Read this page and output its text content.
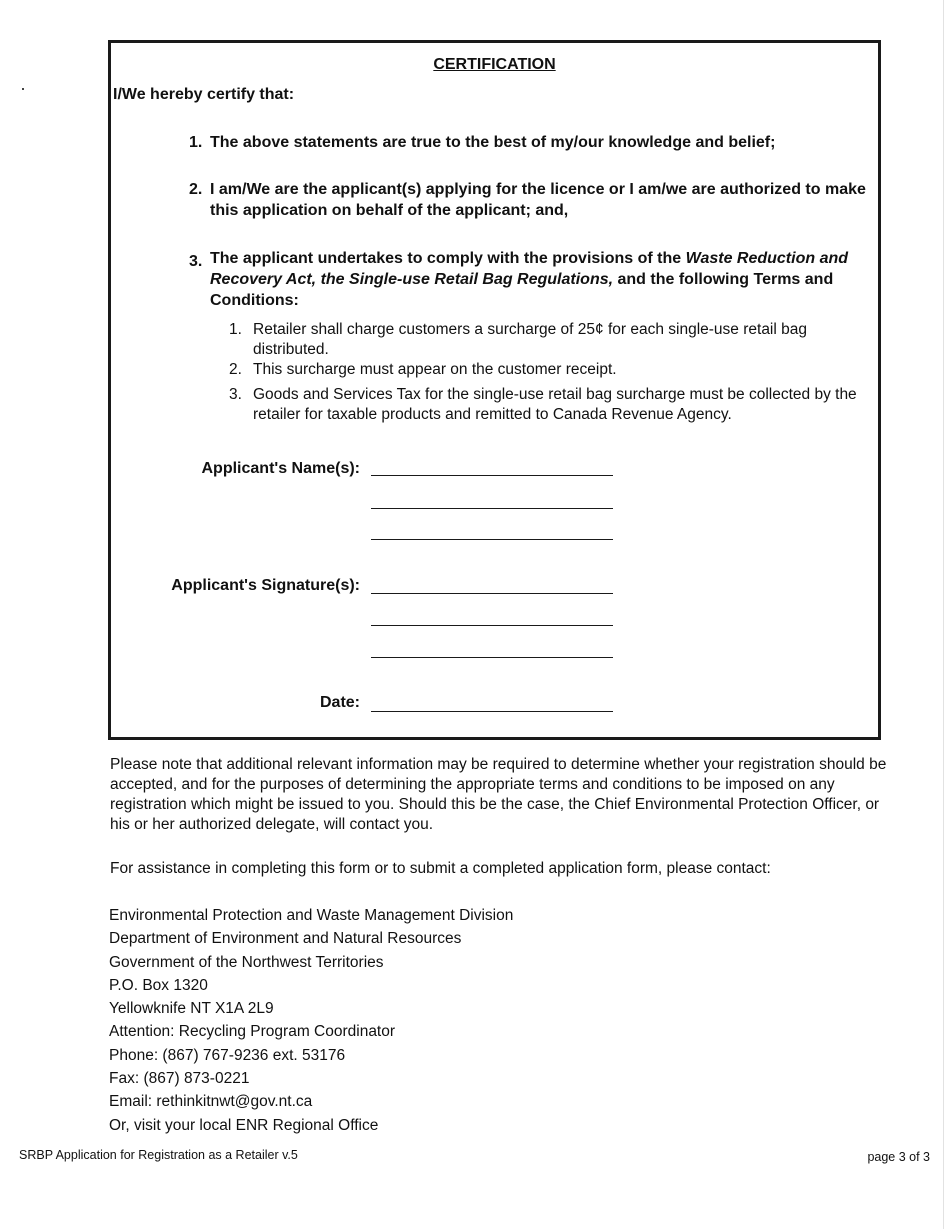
CERTIFICATION
I/We hereby certify that:
1. The above statements are true to the best of my/our knowledge and belief;
2. I am/We are the applicant(s) applying for the licence or I am/we are authorized to make this application on behalf of the applicant; and,
3. The applicant undertakes to comply with the provisions of the Waste Reduction and Recovery Act, the Single-use Retail Bag Regulations, and the following Terms and Conditions:
1. Retailer shall charge customers a surcharge of 25¢ for each single-use retail bag distributed.
2. This surcharge must appear on the customer receipt.
3. Goods and Services Tax for the single-use retail bag surcharge must be collected by the retailer for taxable products and remitted to Canada Revenue Agency.
Applicant's Name(s):
Applicant's Signature(s):
Date:
Please note that additional relevant information may be required to determine whether your registration should be accepted, and for the purposes of determining the appropriate terms and conditions to be imposed on any registration which might be issued to you. Should this be the case, the Chief Environmental Protection Officer, or his or her authorized delegate, will contact you.
For assistance in completing this form or to submit a completed application form, please contact:
Environmental Protection and Waste Management Division
Department of Environment and Natural Resources
Government of the Northwest Territories
P.O. Box 1320
Yellowknife NT X1A 2L9
Attention: Recycling Program Coordinator
Phone: (867) 767-9236 ext. 53176
Fax: (867) 873-0221
Email: rethinkitnwt@gov.nt.ca
Or, visit your local ENR Regional Office
SRBP Application for Registration as a Retailer v.5	page 3 of 3
